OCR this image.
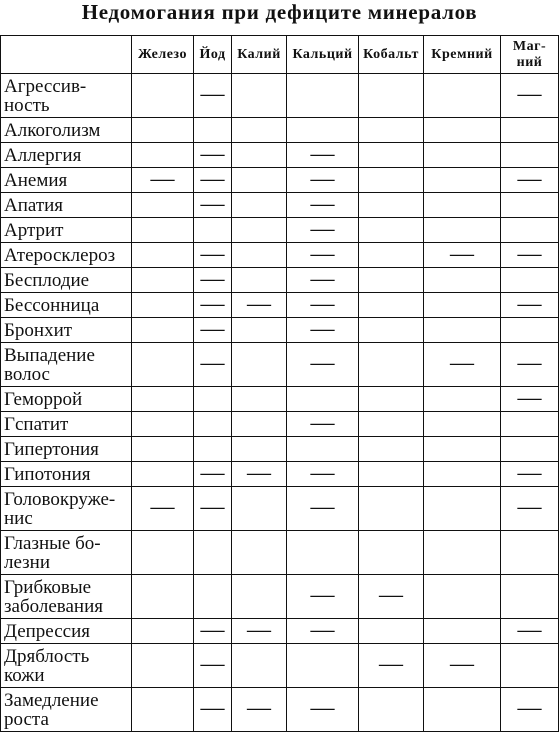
Недомогания при дефиците минералов

	Железо	Йод	Калий	Кальций	Кобальт	Кремний	Маг-
ний

Агрессив-
ность		—					—

Алкоголизм							

Аллергия		—		—			

Анемия	—	—		—			—

Апатия		—		—			

Артрит				—			

Атеросклероз		—		—		—	—

Бесплодие		—		—			

Бессонница		—	—	—			—

Бронхит		—		—			

Выпадение
волос		—		—		—	—

Геморрой							—

Гспатит				—			

Гипертония							

Гипотония		—	—	—			—

Головокруже-
нис	—	—		—			—

Глазные бо-
лезни							

Грибковые
заболевания				—	—		

Депрессия		—	—	—			—

Дряблость
кожи		—			—	—	

Замедление
роста		—	—	—			—
